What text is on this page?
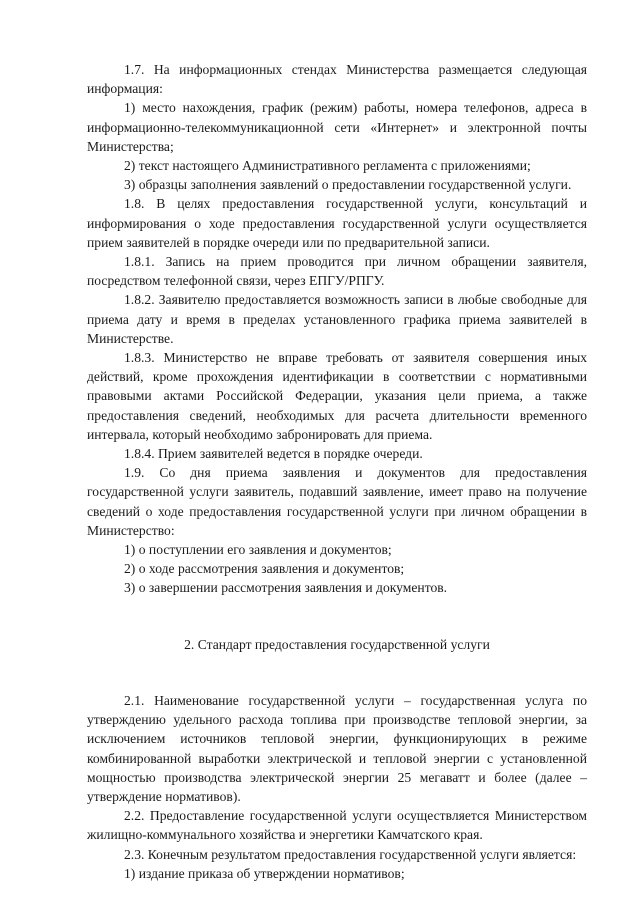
1.7. На информационных стендах Министерства размещается следующая информация:

1) место нахождения, график (режим) работы, номера телефонов, адреса в информационно-телекоммуникационной сети «Интернет» и электронной почты Министерства;

2) текст настоящего Административного регламента с приложениями;

3) образцы заполнения заявлений о предоставлении государственной услуги.

1.8. В целях предоставления государственной услуги, консультаций и информирования о ходе предоставления государственной услуги осуществляется прием заявителей в порядке очереди или по предварительной записи.

1.8.1. Запись на прием проводится при личном обращении заявителя, посредством телефонной связи, через ЕПГУ/РПГУ.

1.8.2. Заявителю предоставляется возможность записи в любые свободные для приема дату и время в пределах установленного графика приема заявителей в Министерстве.

1.8.3. Министерство не вправе требовать от заявителя совершения иных действий, кроме прохождения идентификации в соответствии с нормативными правовыми актами Российской Федерации, указания цели приема, а также предоставления сведений, необходимых для расчета длительности временного интервала, который необходимо забронировать для приема.

1.8.4. Прием заявителей ведется в порядке очереди.

1.9. Со дня приема заявления и документов для предоставления государственной услуги заявитель, подавший заявление, имеет право на получение сведений о ходе предоставления государственной услуги при личном обращении в Министерство:

1) о поступлении его заявления и документов;

2) о ходе рассмотрения заявления и документов;

3) о завершении рассмотрения заявления и документов.

2. Стандарт предоставления государственной услуги

2.1. Наименование государственной услуги – государственная услуга по утверждению удельного расхода топлива при производстве тепловой энергии, за исключением источников тепловой энергии, функционирующих в режиме комбинированной выработки электрической и тепловой энергии с установленной мощностью производства электрической энергии 25 мегаватт и более (далее – утверждение нормативов).

2.2. Предоставление государственной услуги осуществляется Министерством жилищно-коммунального хозяйства и энергетики Камчатского края.

2.3. Конечным результатом предоставления государственной услуги является:

1) издание приказа об утверждении нормативов;
